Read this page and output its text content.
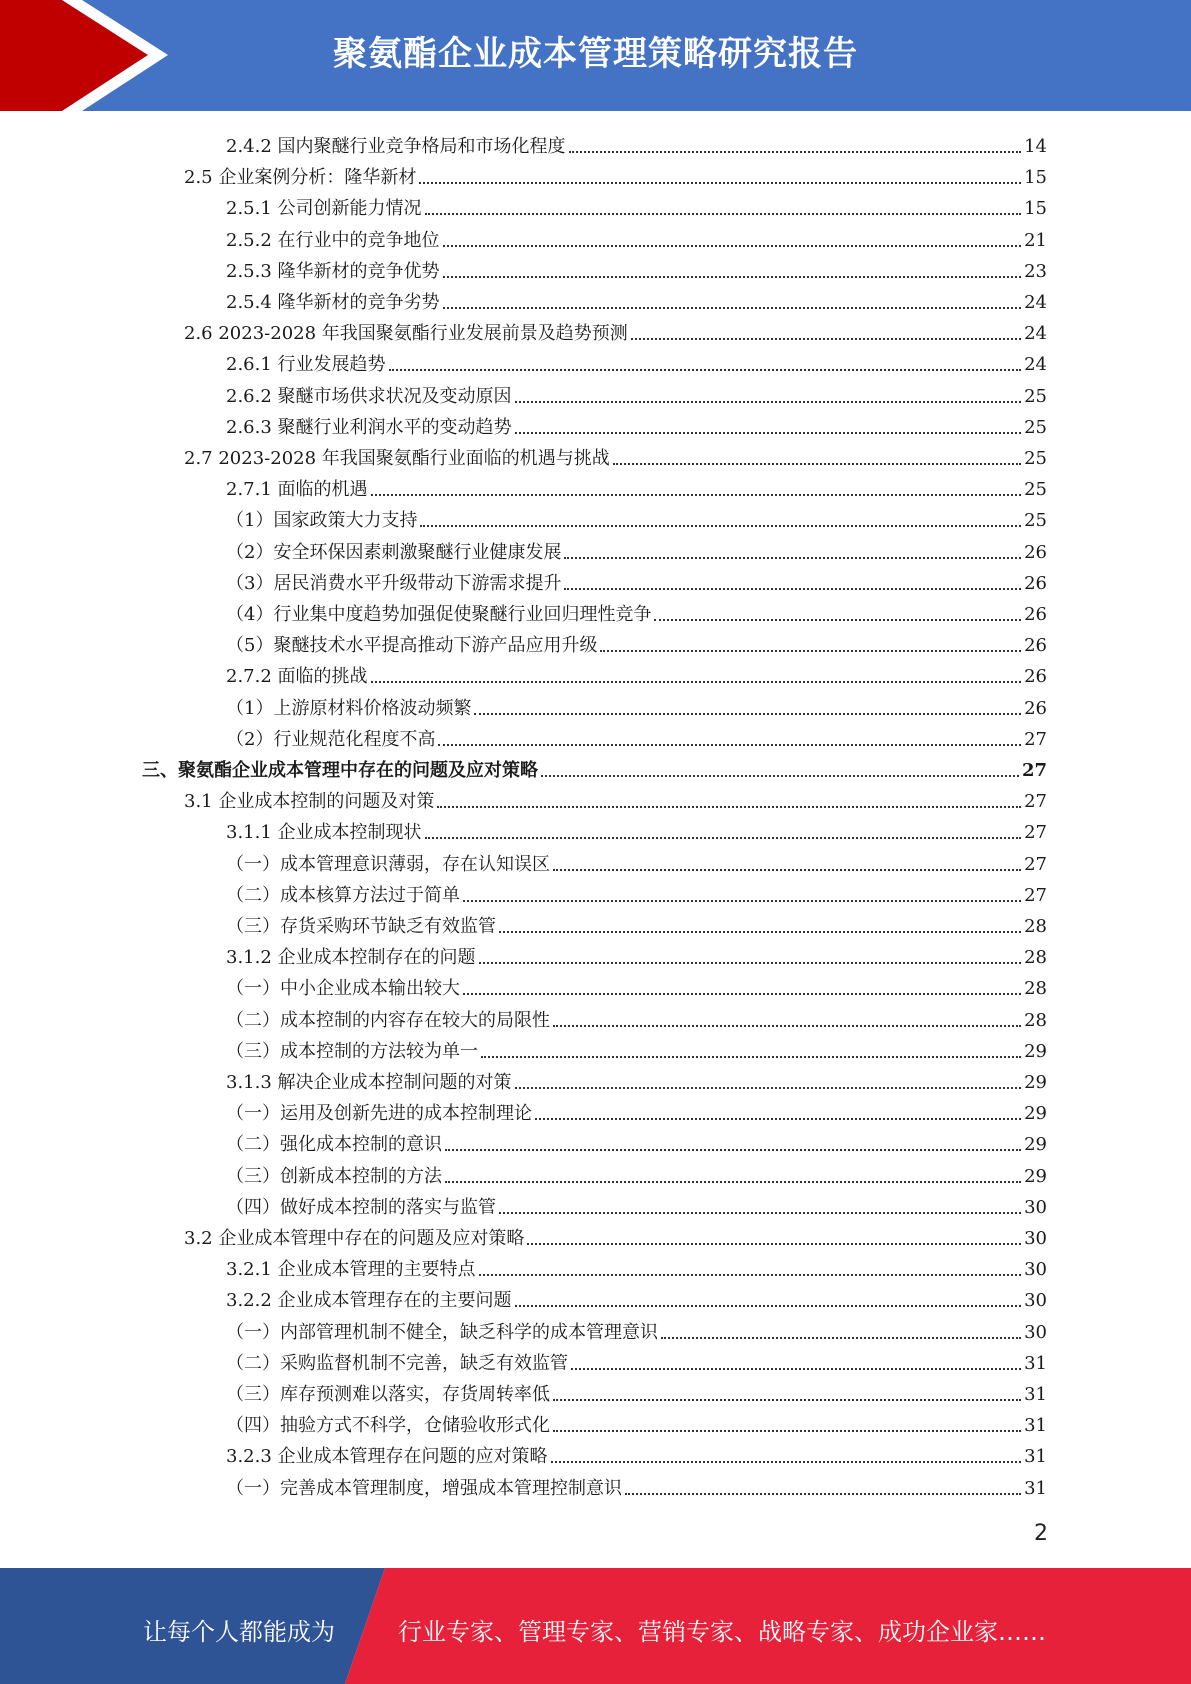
聚氨酯企业成本管理策略研究报告
2.4.2 国内聚醚行业竞争格局和市场化程度	14
2.5 企业案例分析：隆华新材	15
2.5.1 公司创新能力情况	15
2.5.2 在行业中的竞争地位	21
2.5.3 隆华新材的竞争优势	23
2.5.4 隆华新材的竞争劣势	24
2.6 2023-2028 年我国聚氨酯行业发展前景及趋势预测	24
2.6.1 行业发展趋势	24
2.6.2 聚醚市场供求状况及变动原因	25
2.6.3 聚醚行业利润水平的变动趋势	25
2.7 2023-2028 年我国聚氨酯行业面临的机遇与挑战	25
2.7.1 面临的机遇	25
（1）国家政策大力支持	25
（2）安全环保因素刺激聚醚行业健康发展	26
（3）居民消费水平升级带动下游需求提升	26
（4）行业集中度趋势加强促使聚醚行业回归理性竞争	26
（5）聚醚技术水平提高推动下游产品应用升级	26
2.7.2 面临的挑战	26
（1）上游原材料价格波动频繁	26
（2）行业规范化程度不高	27
三、聚氨酯企业成本管理中存在的问题及应对策略	27
3.1 企业成本控制的问题及对策	27
3.1.1 企业成本控制现状	27
（一）成本管理意识薄弱，存在认知误区	27
（二）成本核算方法过于简单	27
（三）存货采购环节缺乏有效监管	28
3.1.2 企业成本控制存在的问题	28
（一）中小企业成本输出较大	28
（二）成本控制的内容存在较大的局限性	28
（三）成本控制的方法较为单一	29
3.1.3 解决企业成本控制问题的对策	29
（一）运用及创新先进的成本控制理论	29
（二）强化成本控制的意识	29
（三）创新成本控制的方法	29
（四）做好成本控制的落实与监管	30
3.2 企业成本管理中存在的问题及应对策略	30
3.2.1 企业成本管理的主要特点	30
3.2.2 企业成本管理存在的主要问题	30
（一）内部管理机制不健全，缺乏科学的成本管理意识	30
（二）采购监督机制不完善，缺乏有效监管	31
（三）库存预测难以落实，存货周转率低	31
（四）抽验方式不科学，仓储验收形式化	31
3.2.3 企业成本管理存在问题的应对策略	31
（一）完善成本管理制度，增强成本管理控制意识	31
2
让每个人都能成为	行业专家、管理专家、营销专家、战略专家、成功企业家……
